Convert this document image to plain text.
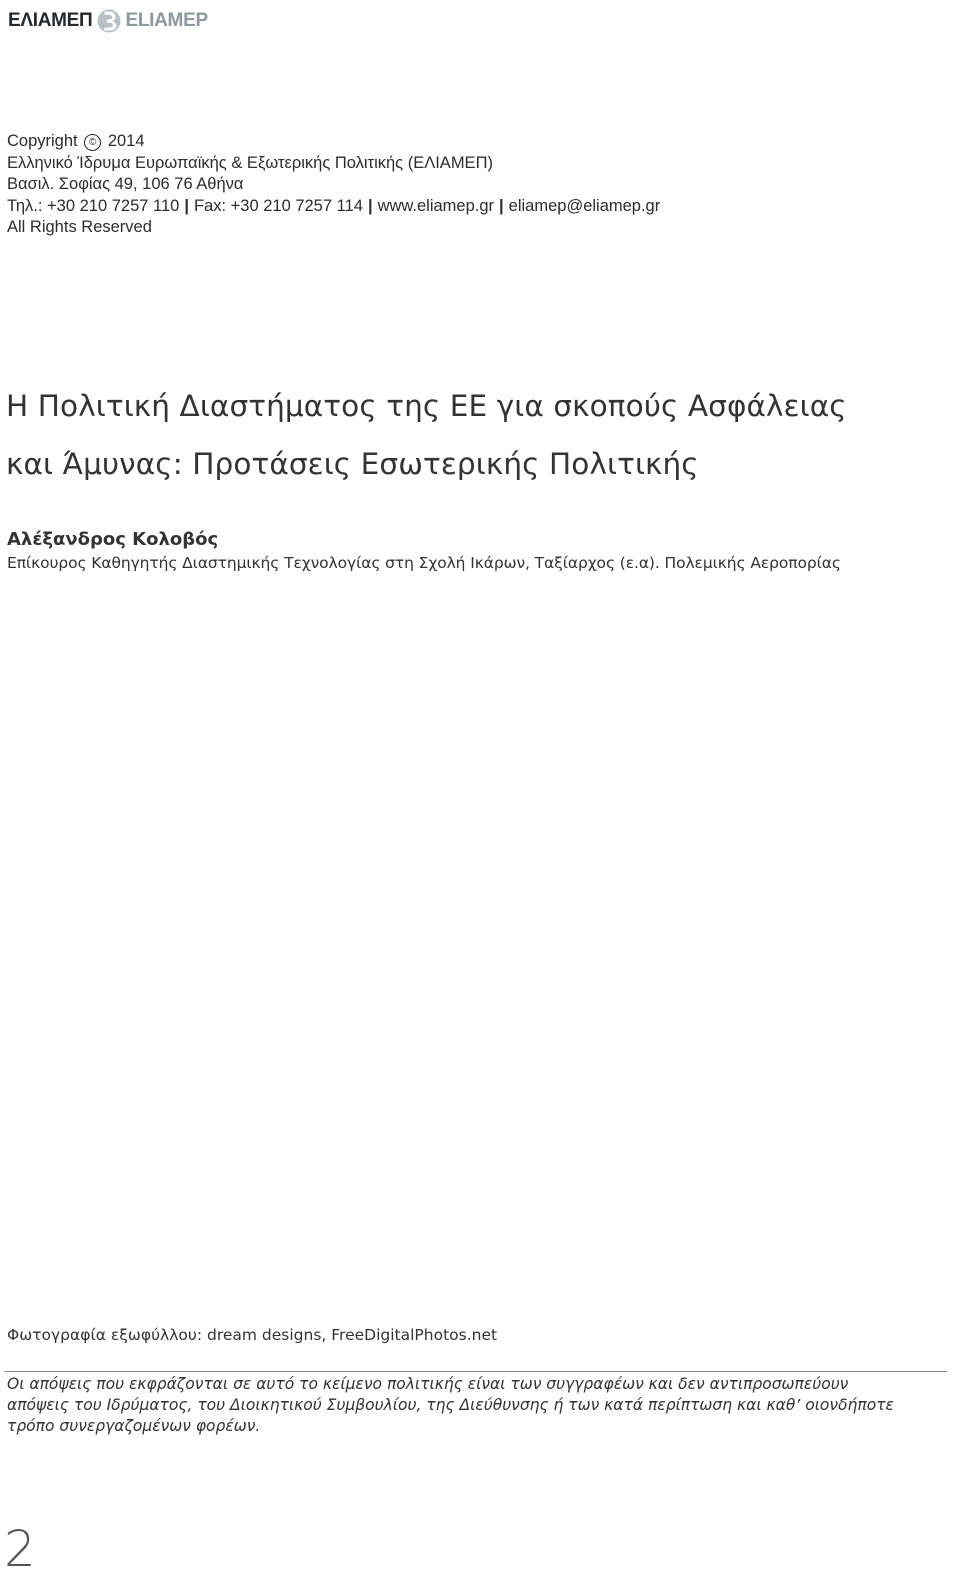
ΕΛΙΑΜΕΠ ELIAMEP
Copyright © 2014
Ελληνικό Ίδρυμα Ευρωπαϊκής & Εξωτερικής Πολιτικής (ΕΛΙΑΜΕΠ)
Βασιλ. Σοφίας 49, 106 76 Αθήνα
Τηλ.: +30 210 7257 110 | Fax: +30 210 7257 114 | www.eliamep.gr | eliamep@eliamep.gr
All Rights Reserved
Η Πολιτική Διαστήματος της ΕΕ για σκοπούς Ασφάλειας
και Άμυνας: Προτάσεις Εσωτερικής Πολιτικής
Αλέξανδρος Κολοβός
Επίκουρος Καθηγητής Διαστημικής Τεχνολογίας στη Σχολή Ικάρων, Ταξίαρχος (ε.α). Πολεμικής Αεροπορίας
Φωτογραφία εξωφύλλου: dream designs, FreeDigitalPhotos.net
Οι απόψεις που εκφράζονται σε αυτό το κείμενο πολιτικής είναι των συγγραφέων και δεν αντιπροσωπεύουν
απόψεις του Ιδρύματος, του Διοικητικού Συμβουλίου, της Διεύθυνσης ή των κατά περίπτωση και καθ’ οιονδήποτε
τρόπο συνεργαζομένων φορέων.
2
